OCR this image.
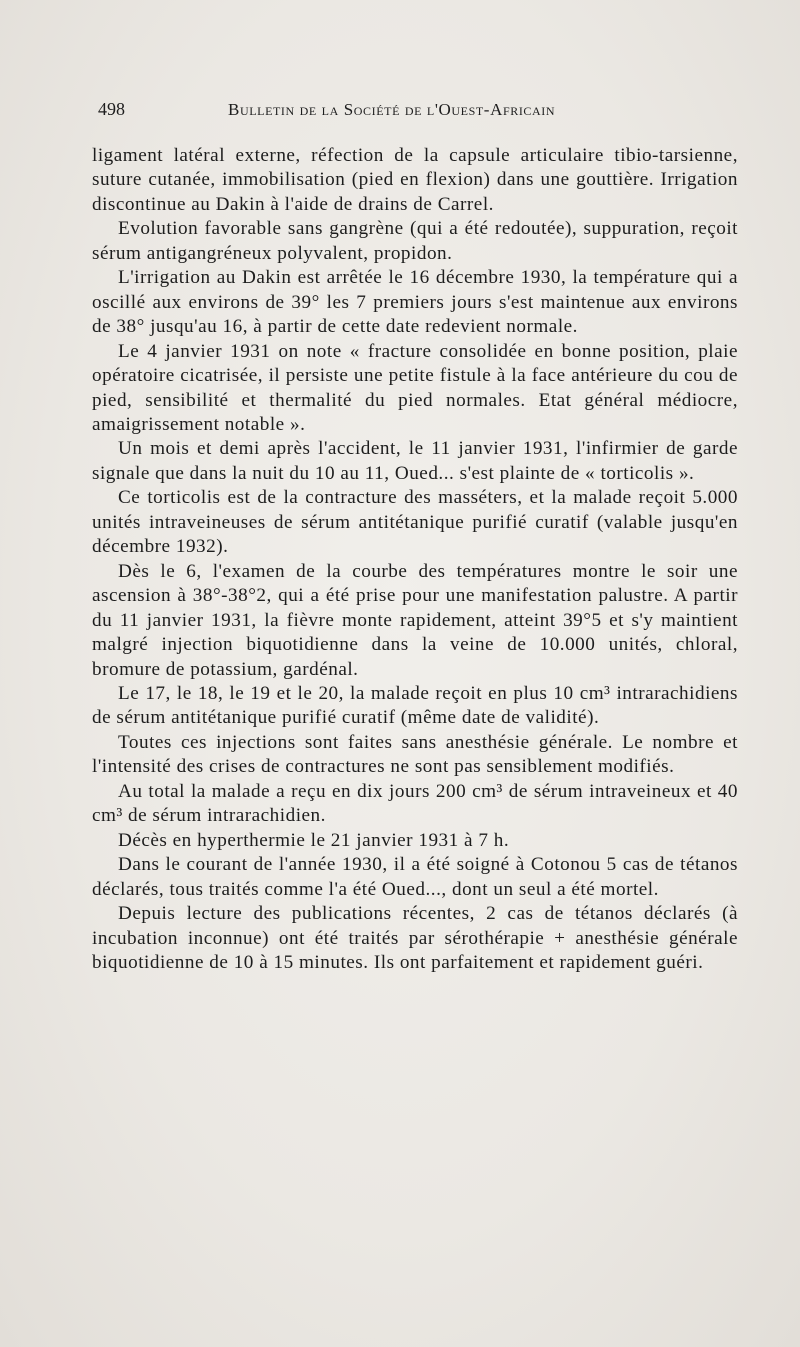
498	Bulletin de la Société de l'Ouest-Africain

ligament latéral externe, réfection de la capsule articulaire tibio-tarsienne, suture cutanée, immobilisation (pied en flexion) dans une gouttière. Irrigation discontinue au Dakin à l'aide de drains de Carrel.

Evolution favorable sans gangrène (qui a été redoutée), suppuration, reçoit sérum antigangréneux polyvalent, propidon.

L'irrigation au Dakin est arrêtée le 16 décembre 1930, la température qui a oscillé aux environs de 39° les 7 premiers jours s'est maintenue aux environs de 38° jusqu'au 16, à partir de cette date redevient normale.

Le 4 janvier 1931 on note « fracture consolidée en bonne position, plaie opératoire cicatrisée, il persiste une petite fistule à la face antérieure du cou de pied, sensibilité et thermalité du pied normales. Etat général médiocre, amaigrissement notable ».

Un mois et demi après l'accident, le 11 janvier 1931, l'infirmier de garde signale que dans la nuit du 10 au 11, Oued... s'est plainte de « torticolis ».

Ce torticolis est de la contracture des masséters, et la malade reçoit 5.000 unités intraveineuses de sérum antitétanique purifié curatif (valable jusqu'en décembre 1932).

Dès le 6, l'examen de la courbe des températures montre le soir une ascension à 38°-38°2, qui a été prise pour une manifestation palustre. A partir du 11 janvier 1931, la fièvre monte rapidement, atteint 39°5 et s'y maintient malgré injection biquotidienne dans la veine de 10.000 unités, chloral, bromure de potassium, gardénal.

Le 17, le 18, le 19 et le 20, la malade reçoit en plus 10 cm³ intrarachidiens de sérum antitétanique purifié curatif (même date de validité).

Toutes ces injections sont faites sans anesthésie générale. Le nombre et l'intensité des crises de contractures ne sont pas sensiblement modifiés.

Au total la malade a reçu en dix jours 200 cm³ de sérum intraveineux et 40 cm³ de sérum intrarachidien.

Décès en hyperthermie le 21 janvier 1931 à 7 h.

Dans le courant de l'année 1930, il a été soigné à Cotonou 5 cas de tétanos déclarés, tous traités comme l'a été Oued..., dont un seul a été mortel.

Depuis lecture des publications récentes, 2 cas de tétanos déclarés (à incubation inconnue) ont été traités par sérothérapie + anesthésie générale biquotidienne de 10 à 15 minutes. Ils ont parfaitement et rapidement guéri.
